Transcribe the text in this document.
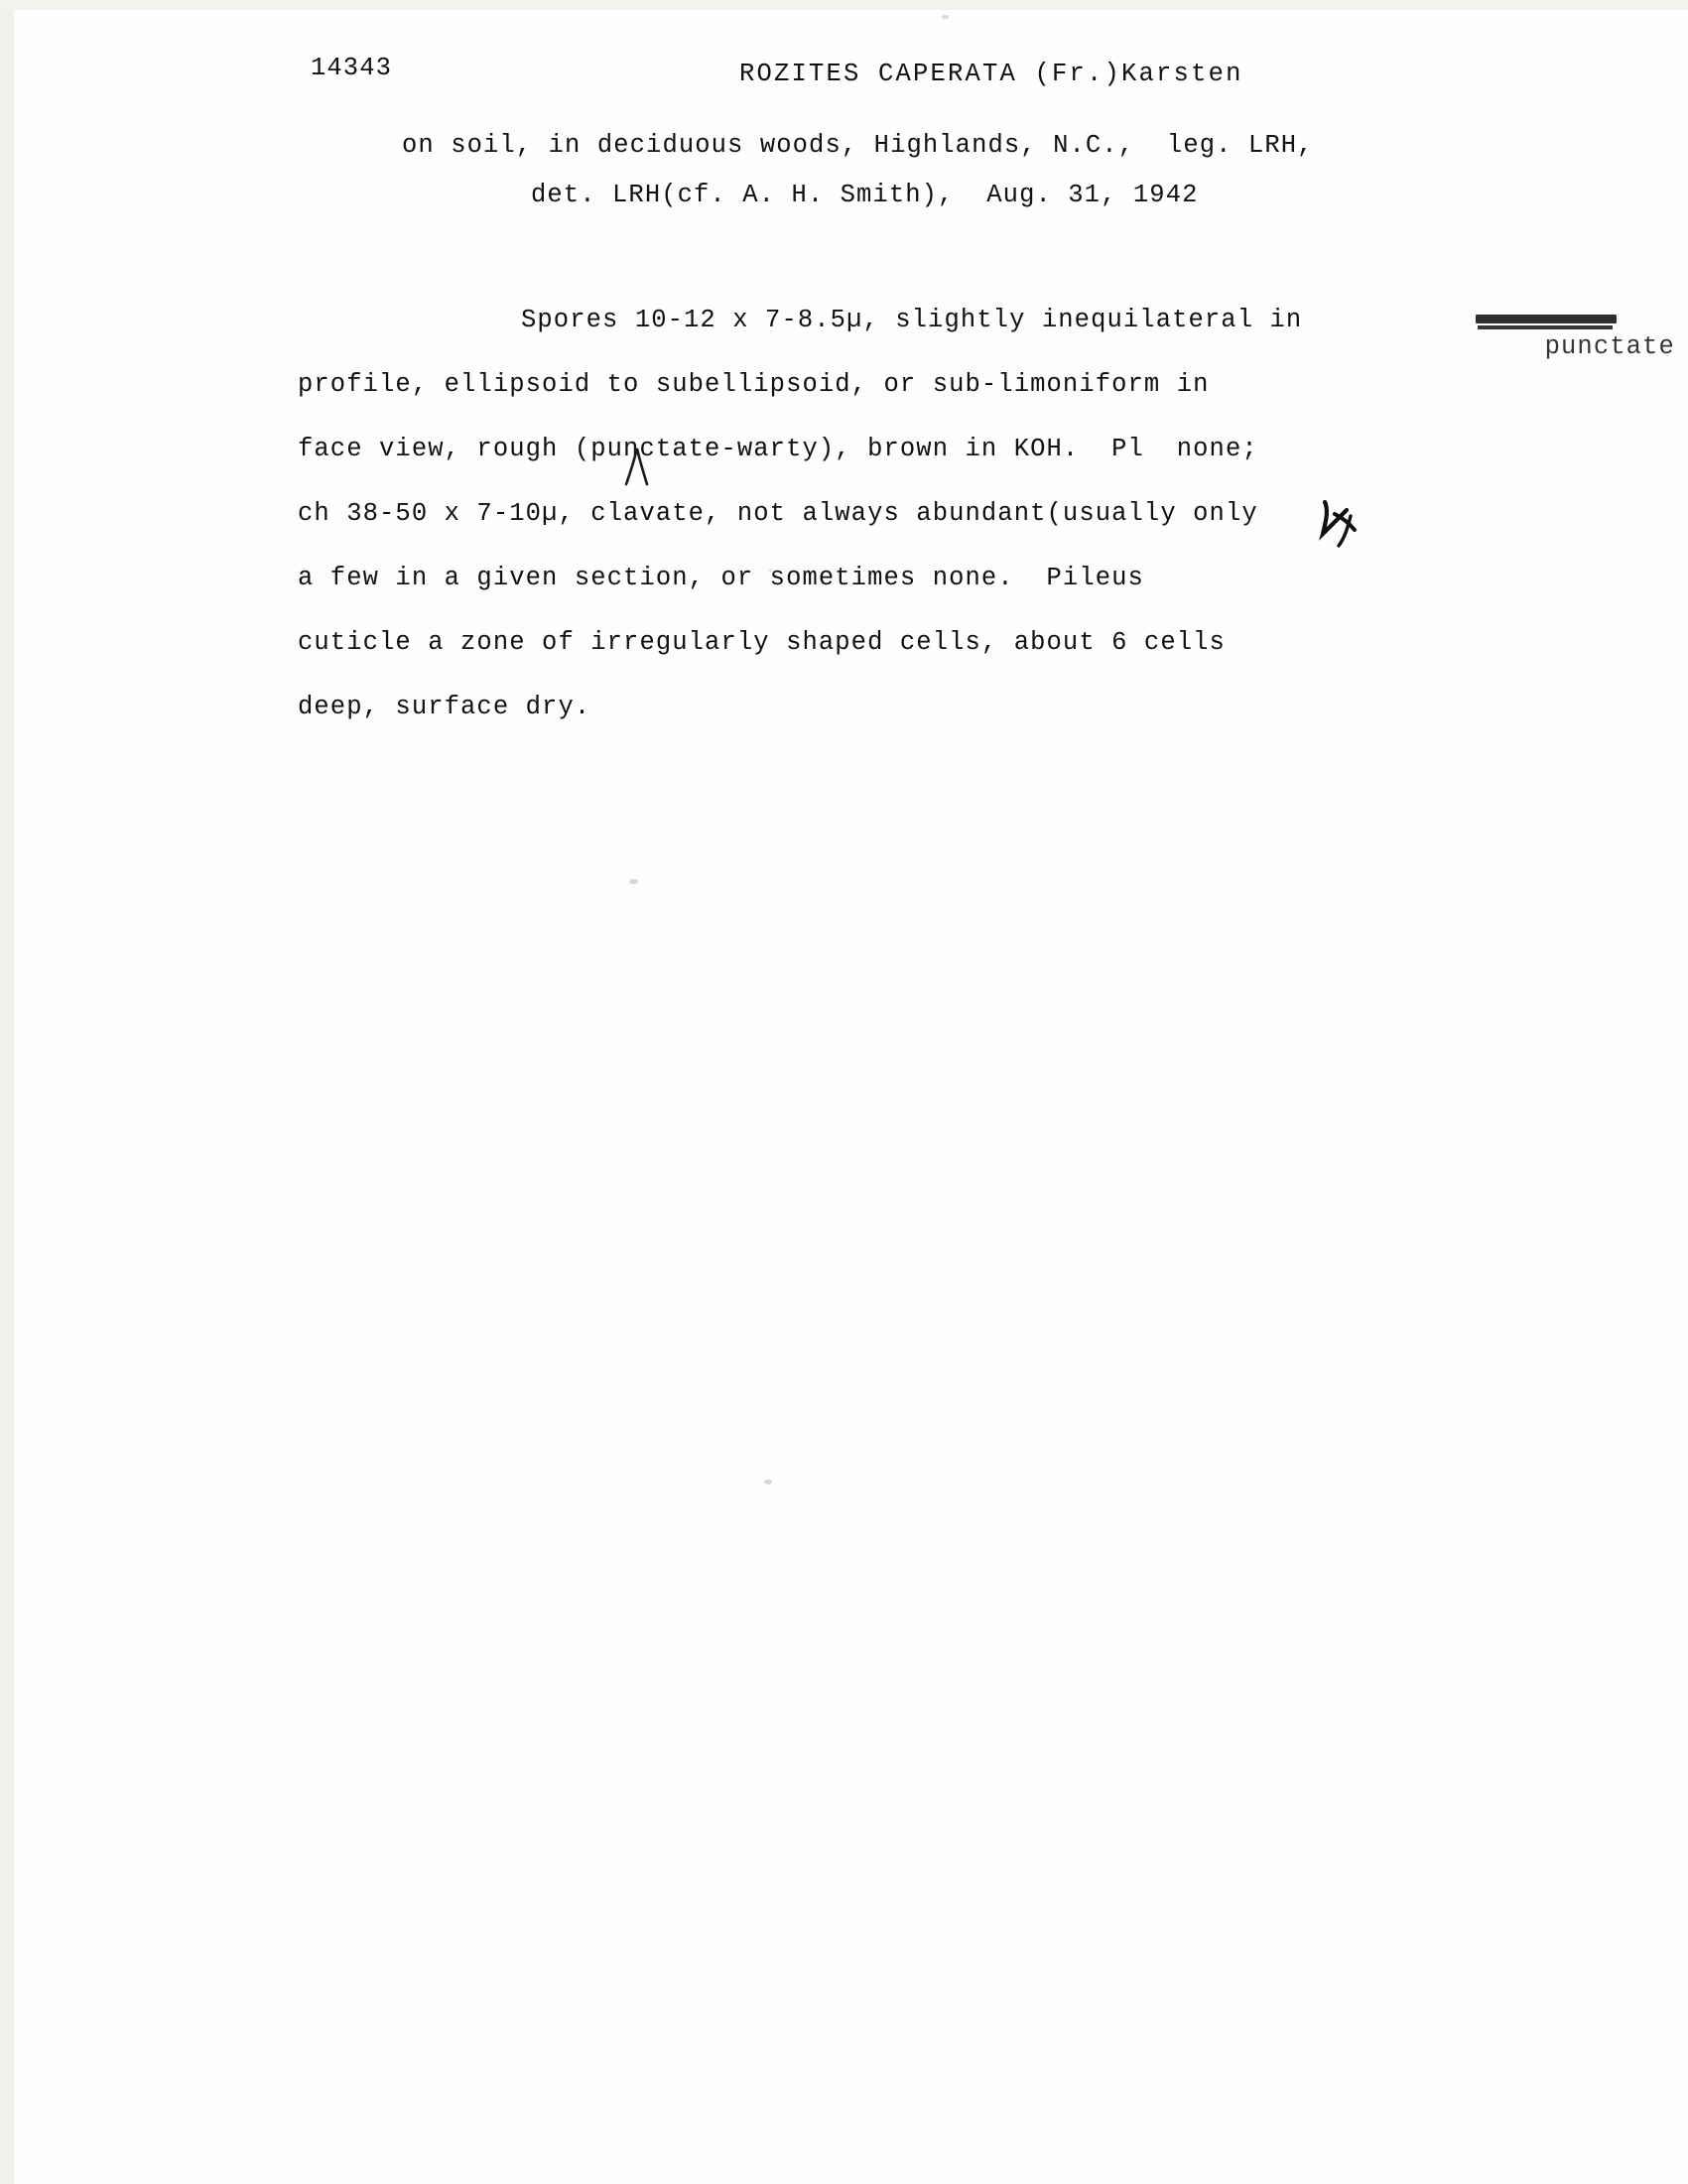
14343	ROZITES CAPERATA (Fr.)Karsten
on soil, in deciduous woods, Highlands, N.C.,  leg. LRH,
det. LRH(cf. A. H. Smith),  Aug. 31, 1942
Spores 10-12 x 7-8.5µ, slightly inequilateral in

punctate

profile, ellipsoid to subellipsoid, or sub-limoniform in
face view, rough (punctate-warty), brown in KOH.  Pl  none;
ch 38-50 x 7-10µ, clavate, not always abundant(usually only
a few in a given section, or sometimes none.  Pileus
cuticle a zone of irregularly shaped cells, about 6 cells
deep, surface dry.
